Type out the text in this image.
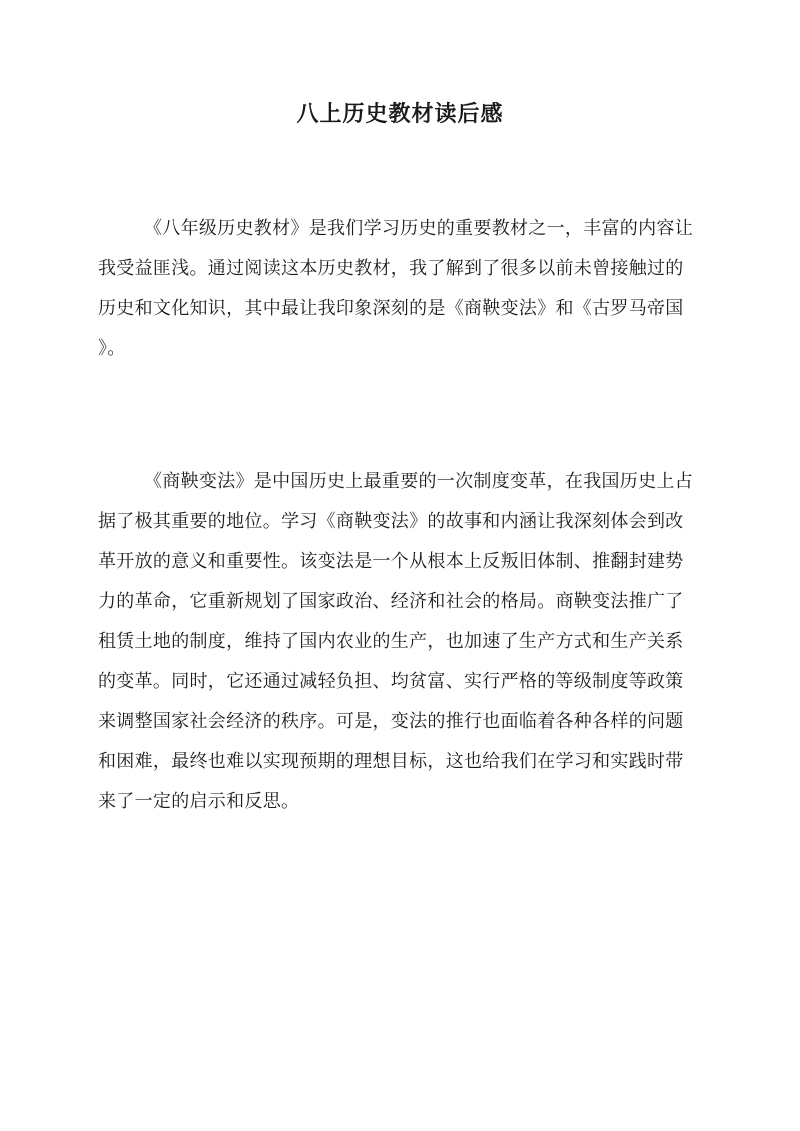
八上历史教材读后感

《八年级历史教材》是我们学习历史的重要教材之一，丰富的内容让
我受益匪浅。通过阅读这本历史教材，我了解到了很多以前未曾接触过的
历史和文化知识，其中最让我印象深刻的是《商鞅变法》和《古罗马帝国
》。

《商鞅变法》是中国历史上最重要的一次制度变革，在我国历史上占
据了极其重要的地位。学习《商鞅变法》的故事和内涵让我深刻体会到改
革开放的意义和重要性。该变法是一个从根本上反叛旧体制、推翻封建势
力的革命，它重新规划了国家政治、经济和社会的格局。商鞅变法推广了
租赁土地的制度，维持了国内农业的生产，也加速了生产方式和生产关系
的变革。同时，它还通过减轻负担、均贫富、实行严格的等级制度等政策
来调整国家社会经济的秩序。可是，变法的推行也面临着各种各样的问题
和困难，最终也难以实现预期的理想目标，这也给我们在学习和实践时带
来了一定的启示和反思。
